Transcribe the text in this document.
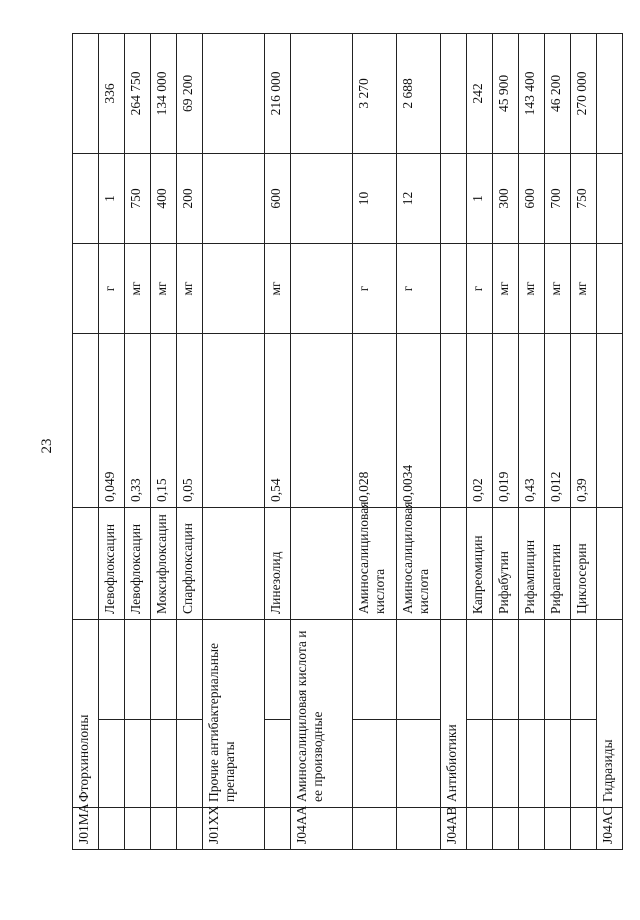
23
J01MA	Фторхинолоны						
			Левофлоксацин	0,049	г	1	336
			Левофлоксацин	0,33	мг	750	264 750
			Моксифлоксацин	0,15	мг	400	134 000
			Спарфлоксацин	0,05	мг	200	69 200
J01XX	Прочие антибактериальные препараты						
			Линезолид	0,54	мг	600	216 000
J04AA	Аминосалициловая кислота и ее производные						
			Аминосалициловая кислота	0,028	г	10	3 270
			Аминосалициловая кислота	0,0034	г	12	2 688
J04AB	Антибиотики						
			Капреомицин	0,02	г	1	242
			Рифабутин	0,019	мг	300	45 900
			Рифампицин	0,43	мг	600	143 400
			Рифапентин	0,012	мг	700	46 200
			Циклосерин	0,39	мг	750	270 000
J04AC	Гидразиды						
